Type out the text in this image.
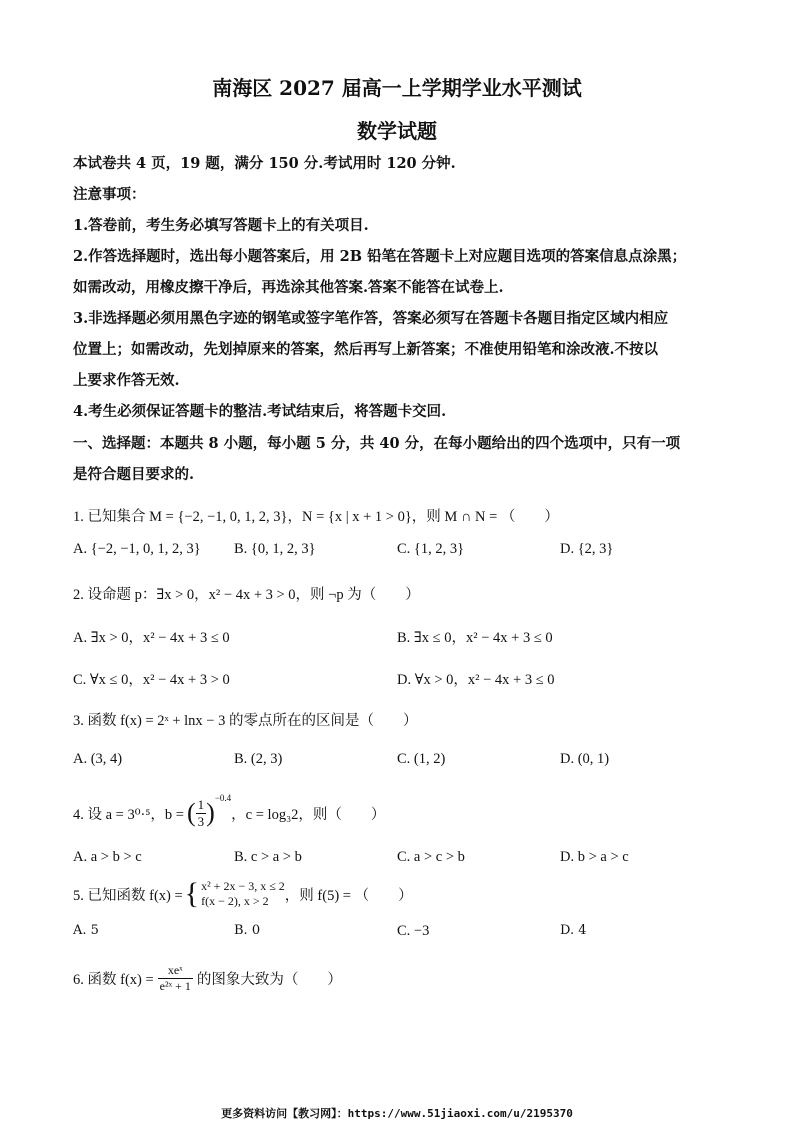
南海区 2027 届高一上学期学业水平测试
数学试题
本试卷共 4 页，19 题，满分 150 分.考试用时 120 分钟.
注意事项：
1.答卷前，考生务必填写答题卡上的有关项目.
2.作答选择题时，选出每小题答案后，用 2B 铅笔在答题卡上对应题目选项的答案信息点涂黑；
如需改动，用橡皮擦干净后，再选涂其他答案.答案不能答在试卷上.
3.非选择题必须用黑色字迹的钢笔或签字笔作答，答案必须写在答题卡各题目指定区域内相应
位置上；如需改动，先划掉原来的答案，然后再写上新答案；不准使用铅笔和涂改液.不按以
上要求作答无效.
4.考生必须保证答题卡的整洁.考试结束后，将答题卡交回.
一、选择题：本题共 8 小题，每小题 5 分，共 40 分，在每小题给出的四个选项中，只有一项
是符合题目要求的.
1. 已知集合 M = {−2, −1, 0, 1, 2, 3}，N = {x | x + 1 > 0}，则 M ∩ N = （　　）
A. {−2, −1, 0, 1, 2, 3} B. {0, 1, 2, 3}	C. {1, 2, 3}	D. {2, 3}
2. 设命题 p：∃x > 0，x² − 4x + 3 > 0，则 ¬p 为（　　）
A. ∃x > 0，x² − 4x + 3 ≤ 0	B. ∃x ≤ 0，x² − 4x + 3 ≤ 0
C. ∀x ≤ 0，x² − 4x + 3 > 0	D. ∀x > 0，x² − 4x + 3 ≤ 0
3. 函数 f(x) = 2ˣ + lnx − 3 的零点所在的区间是（　　）
A. (3, 4)	B. (2, 3)	C. (1, 2)	D. (0, 1)
4. 设 a = 3⁰·⁵，b = ( $\frac{1}{3}$ ) −0.4
，c = log₃2，则（　　）
A. a > b > c	B. c > a > b	C. a > c > b	D. b > a > c
5. 已知函数 f(x) = { x² + 2x − 3, x ≤ 2
f(x − 2), x > 2	，则 f(5) = （　　）
A. 5	B. 0	C. −3	D. 4
6. 函数 f(x) =
xeˣ
e²ˣ + 1 的图象大致为（　　）
更多资料访问【教习网】：https://www.51jiaoxi.com/u/2195370
